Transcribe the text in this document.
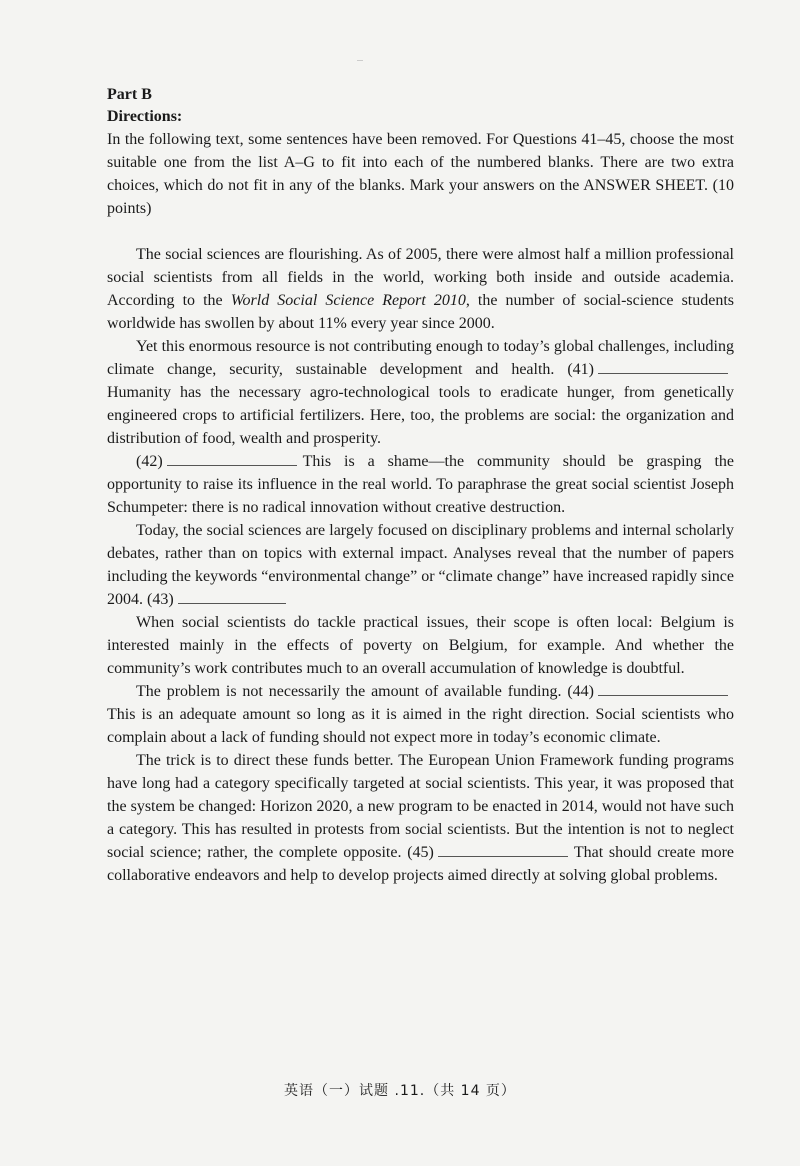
Part B

Directions:

In the following text, some sentences have been removed. For Questions 41–45, choose the most suitable one from the list A–G to fit into each of the numbered blanks. There are two extra choices, which do not fit in any of the blanks. Mark your answers on the ANSWER SHEET. (10 points)

The social sciences are flourishing. As of 2005, there were almost half a million professional social scientists from all fields in the world, working both inside and outside academia. According to the World Social Science Report 2010, the number of social-science students worldwide has swollen by about 11% every year since 2000.

Yet this enormous resource is not contributing enough to today’s global challenges, including climate change, security, sustainable development and health. (41)Humanity has the necessary agro-technological tools to eradicate hunger, from genetically engineered crops to artificial fertilizers. Here, too, the problems are social: the organization and distribution of food, wealth and prosperity.

(42)	This is a shame—the community should be grasping the opportunity to raise its influence in the real world. To paraphrase the great social scientist Joseph Schumpeter: there is no radical innovation without creative destruction.

Today, the social sciences are largely focused on disciplinary problems and internal scholarly debates, rather than on topics with external impact. Analyses reveal that the number of papers including the keywords “environmental change” or “climate change” have increased rapidly since 2004. (43)

When social scientists do tackle practical issues, their scope is often local: Belgium is interested mainly in the effects of poverty on Belgium, for example. And whether the community’s work contributes much to an overall accumulation of knowledge is doubtful.

The problem is not necessarily the amount of available funding. (44)This is an adequate amount so long as it is aimed in the right direction. Social scientists who complain about a lack of funding should not expect more in today’s economic climate.

The trick is to direct these funds better. The European Union Framework funding programs have long had a category specifically targeted at social scientists. This year, it was proposed that the system be changed: Horizon 2020, a new program to be enacted in 2014, would not have such a category. This has resulted in protests from social scientists. But the intention is not to neglect social science; rather, the complete opposite. (45)	That should create more collaborative endeavors and help to develop projects aimed directly at solving global problems.

英语（一）试题 .11.（共 14 页）
